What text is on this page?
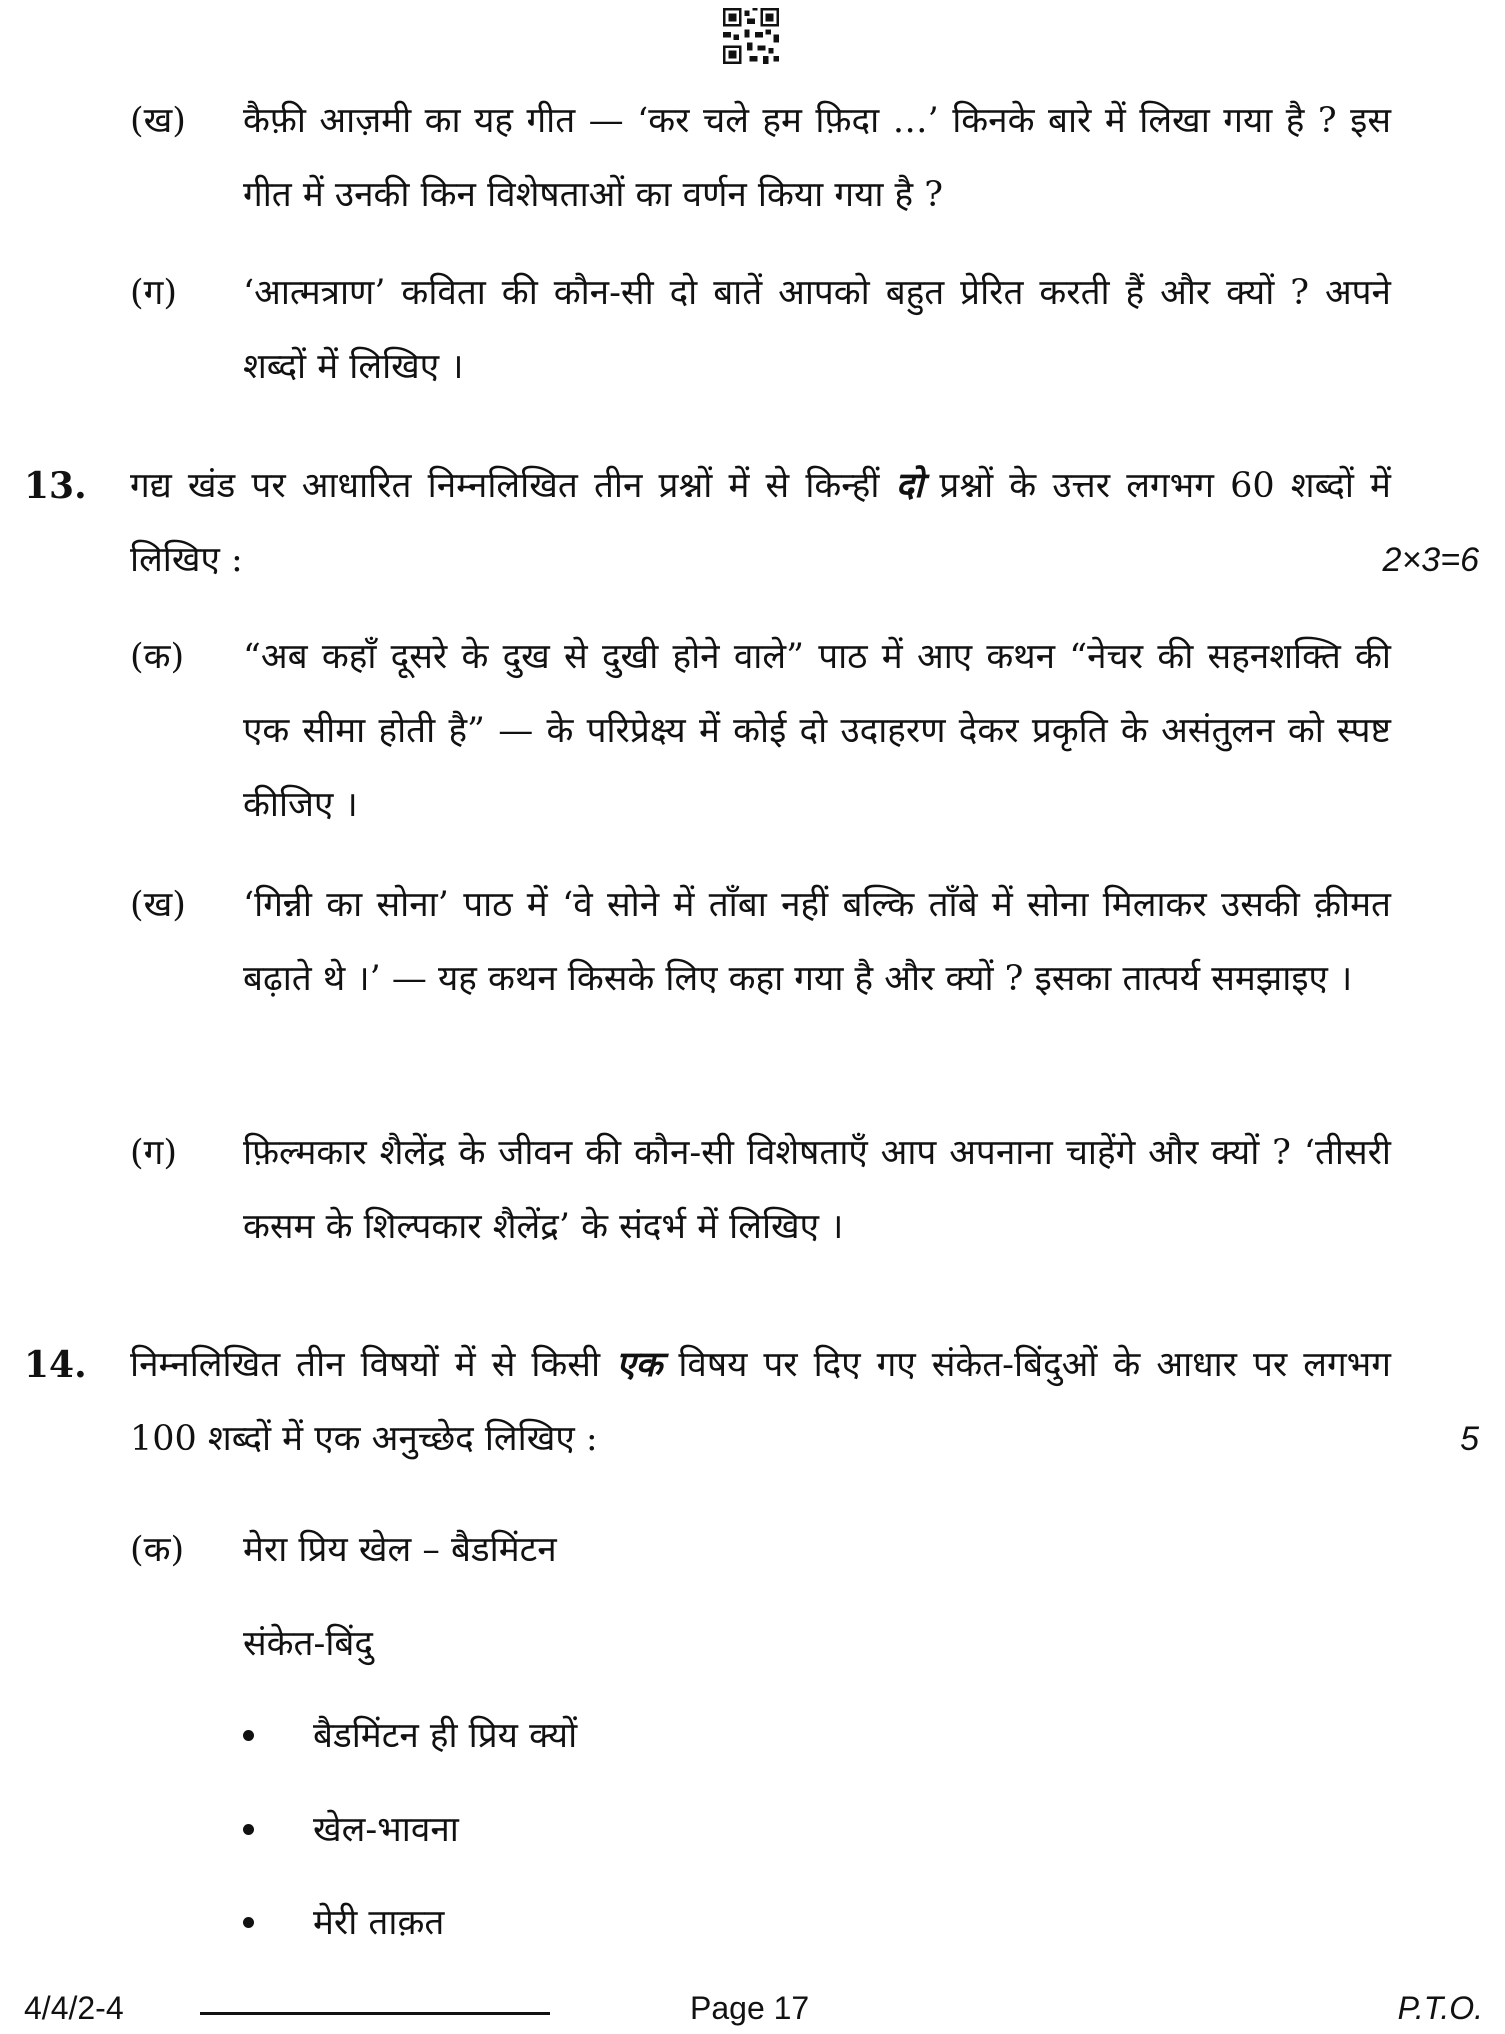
(ख)	कैफ़ी आज़मी का यह गीत — ‘कर चले हम फ़िदा …’ किनके बारे में लिखा गया है ? इस गीत में उनकी किन विशेषताओं का वर्णन किया गया है ?
(ग)	‘आत्मत्राण’ कविता की कौन-सी दो बातें आपको बहुत प्रेरित करती हैं और क्यों ? अपने शब्दों में लिखिए ।
13. गद्य खंड पर आधारित निम्नलिखित तीन प्रश्नों में से किन्हीं दो प्रश्नों के उत्तर लगभग 60 शब्दों में लिखिए :	2×3=6
(क)	“अब कहाँ दूसरे के दुख से दुखी होने वाले” पाठ में आए कथन “नेचर की सहनशक्ति की एक सीमा होती है” — के परिप्रेक्ष्य में कोई दो उदाहरण देकर प्रकृति के असंतुलन को स्पष्ट कीजिए ।
(ख)	‘गिन्नी का सोना’ पाठ में ‘वे सोने में ताँबा नहीं बल्कि ताँबे में सोना मिलाकर उसकी क़ीमत बढ़ाते थे ।’ — यह कथन किसके लिए कहा गया है और क्यों ? इसका तात्पर्य समझाइए ।
(ग)	फ़िल्मकार शैलेंद्र के जीवन की कौन-सी विशेषताएँ आप अपनाना चाहेंगे और क्यों ? ‘तीसरी कसम के शिल्पकार शैलेंद्र’ के संदर्भ में लिखिए ।
14. निम्नलिखित तीन विषयों में से किसी एक विषय पर दिए गए संकेत-बिंदुओं के आधार पर लगभग 100 शब्दों में एक अनुच्छेद लिखिए :	5
(क)	मेरा प्रिय खेल – बैडमिंटन
संकेत-बिंदु
बैडमिंटन ही प्रिय क्यों
खेल-भावना
मेरी ताक़त
4/4/2-4	Page 17	P.T.O.
